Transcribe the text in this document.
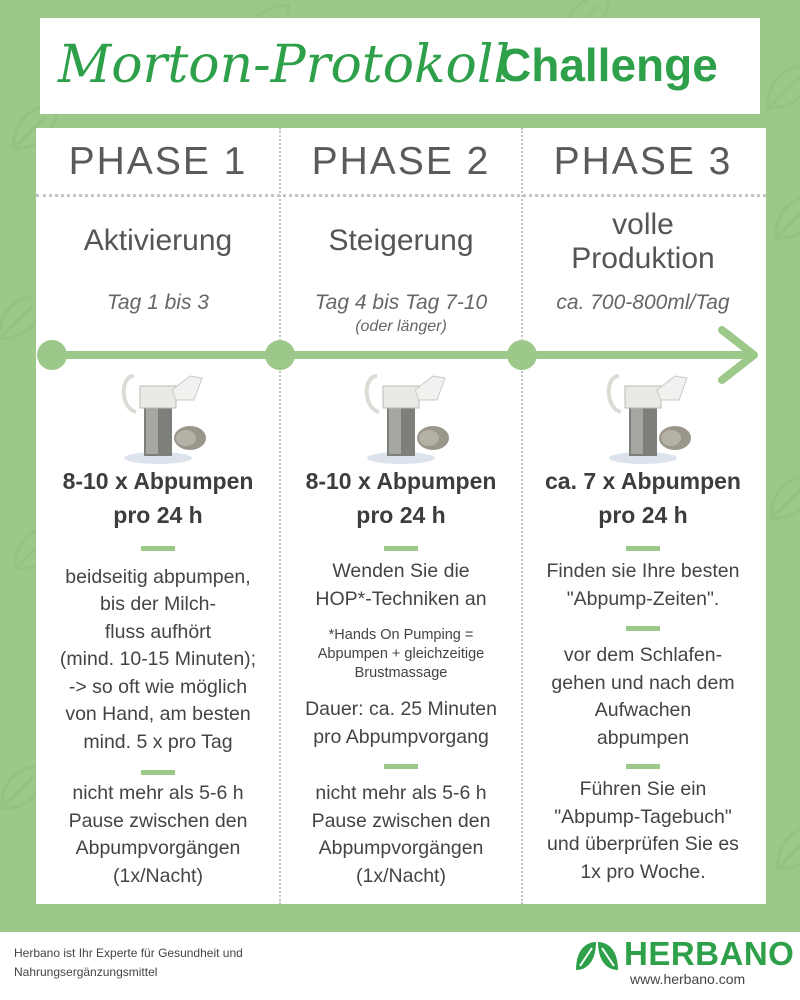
Morton-Protokoll
Challenge
PHASE 1
Aktivierung
Tag 1 bis 3
8-10 x Abpumpen
pro 24 h
beidseitig abpumpen,
bis der Milch-
fluss aufhört
(mind. 10-15 Minuten);
-> so oft wie möglich
von Hand, am besten
mind. 5 x pro Tag
nicht mehr als 5-6 h
Pause zwischen den
Abpumpvorgängen
(1x/Nacht)
PHASE 2
Steigerung
Tag 4 bis Tag 7-10
(oder länger)
8-10 x Abpumpen
pro 24 h
Wenden Sie die
HOP*-Techniken an
*Hands On Pumping =
Abpumpen + gleichzeitige
Brustmassage
Dauer: ca. 25 Minuten
pro Abpumpvorgang
nicht mehr als 5-6 h
Pause zwischen den
Abpumpvorgängen
(1x/Nacht)
PHASE 3
volle
Produktion
ca. 700-800ml/Tag
ca. 7 x Abpumpen
pro 24 h
Finden sie Ihre besten
"Abpump-Zeiten".
vor dem Schlafen-
gehen und nach dem
Aufwachen
abpumpen
Führen Sie ein
"Abpump-Tagebuch"
und überprüfen Sie es
1x pro Woche.
Herbano ist Ihr Experte für Gesundheit und
Nahrungsergänzungsmittel	HERBANO
www.herbano.com
